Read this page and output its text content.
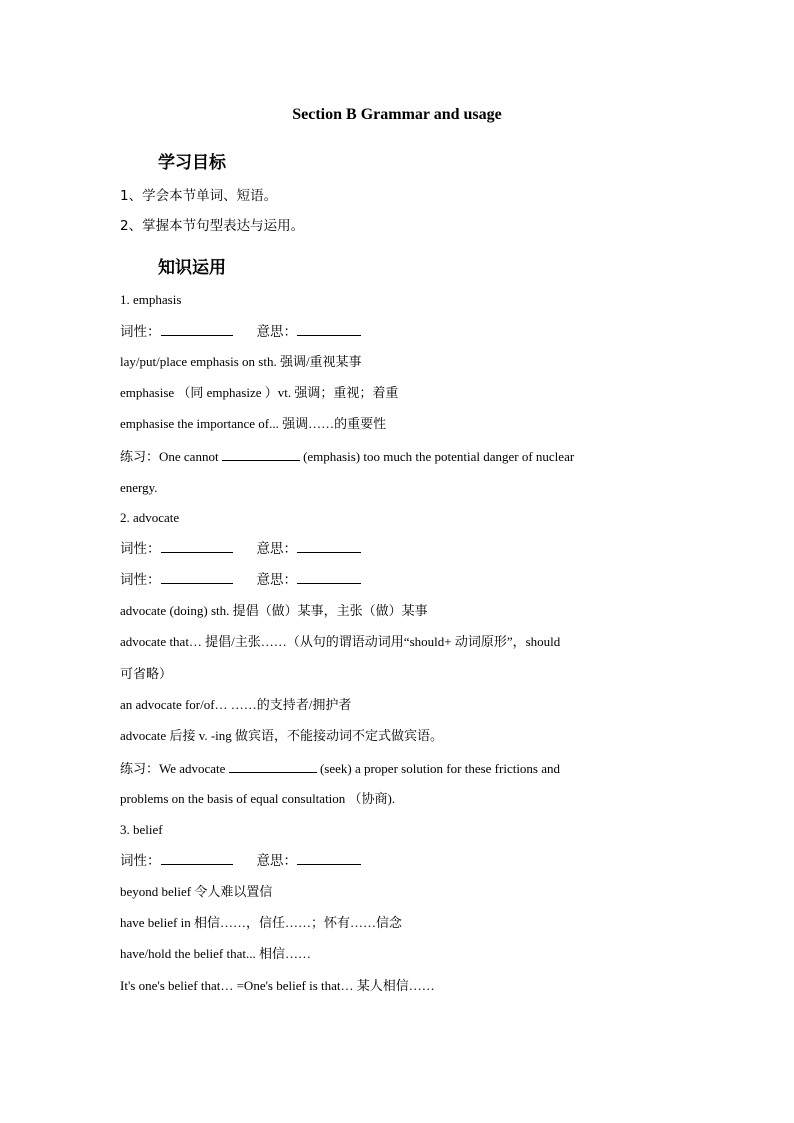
Section B Grammar and usage
学习目标
1、学会本节单词、短语。
2、掌握本节句型表达与运用。
知识运用
1. emphasis
词性：	意思：
lay/put/place emphasis on sth. 强调/重视某事
emphasise （同 emphasize ）vt. 强调；重视；着重
emphasise the importance of... 强调……的重要性
练习：One cannot	(emphasis) too much the potential danger of nuclear
energy.
2. advocate
词性：	意思：
词性：	意思：
advocate (doing) sth. 提倡（做）某事，主张（做）某事
advocate that… 提倡/主张……（从句的谓语动词用“should+ 动词原形”，should
可省略）
an advocate for/of… ……的支持者/拥护者
advocate 后接 v. -ing 做宾语，不能接动词不定式做宾语。
练习：We advocate	(seek) a proper solution for these frictions and
problems on the basis of equal consultation （协商).
3. belief
词性：	意思：
beyond belief 令人难以置信
have belief in 相信……，信任……；怀有……信念
have/hold the belief that... 相信……
It's one's belief that… =One's belief is that… 某人相信……
